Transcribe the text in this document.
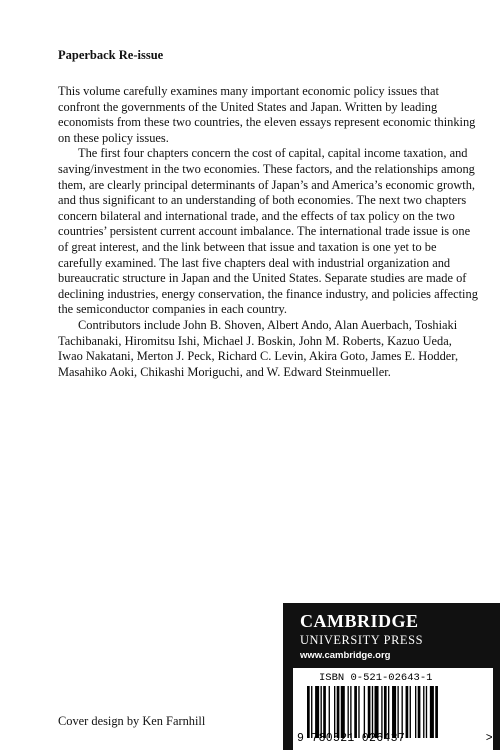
Paperback Re-issue

This volume carefully examines many important economic policy issues that confront the governments of the United States and Japan. Written by leading economists from these two countries, the eleven essays represent economic thinking on these policy issues.

The first four chapters concern the cost of capital, capital income taxation, and saving/investment in the two economies. These factors, and the relationships among them, are clearly principal determinants of Japan’s and America’s economic growth, and thus significant to an understanding of both economies. The next two chapters concern bilateral and international trade, and the effects of tax policy on the two countries’ persistent current account imbalance. The international trade issue is one of great interest, and the link between that issue and taxation is one yet to be carefully examined. The last five chapters deal with industrial organization and bureaucratic structure in Japan and the United States. Separate studies are made of declining industries, energy conservation, the finance industry, and policies affecting the semiconductor companies in each country.

Contributors include John B. Shoven, Albert Ando, Alan Auerbach, Toshiaki Tachibanaki, Hiromitsu Ishi, Michael J. Boskin, John M. Roberts, Kazuo Ueda, Iwao Nakatani, Merton J. Peck, Richard C. Levin, Akira Goto, James E. Hodder, Masahiko Aoki, Chikashi Moriguchi, and W. Edward Steinmueller.

Cover design by Ken Farnhill

CAMBRIDGE
UNIVERSITY PRESS
www.cambridge.org
ISBN 0-521-02643-1
9 780521 026437	>
